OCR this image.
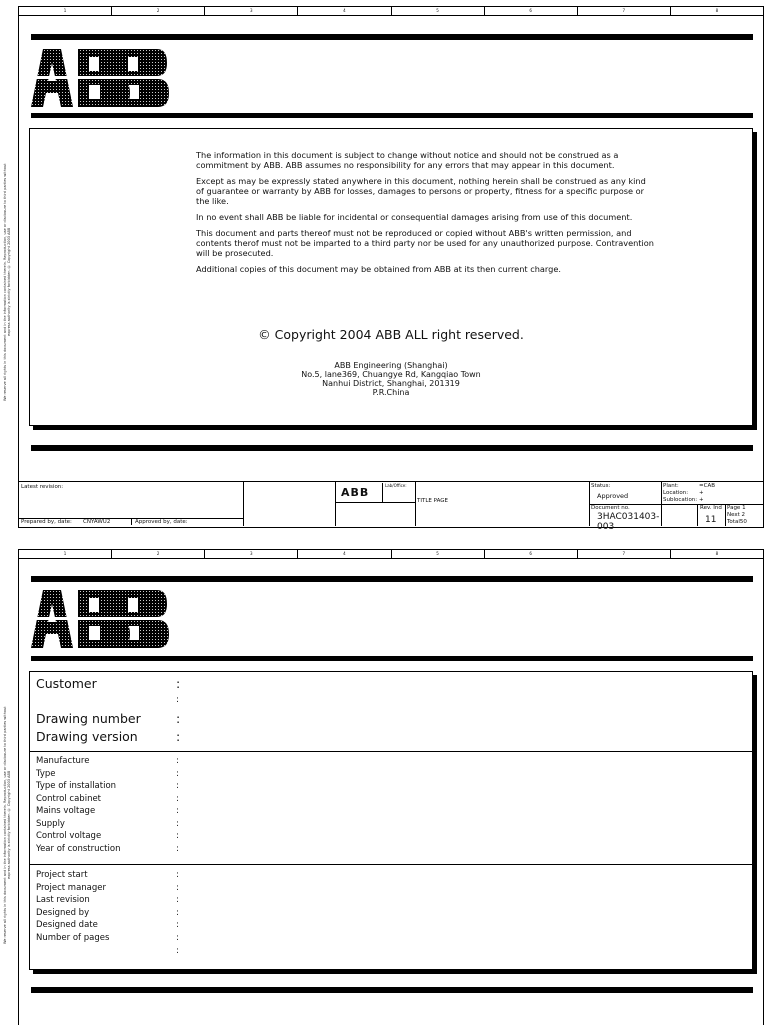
1	2	3	4	5	6	7	8
We reserve all rights in this document and in the information contained therein. Reproduction, use or disclosure to third parties without express authority is strictly forbidden. © Copyright 2003 ABB

The information in this document is subject to change without notice and should not be construed as a commitment by ABB. ABB assumes no responsibility for any errors that may appear in this document.

Except as may be expressly stated anywhere in this document, nothing herein shall be construed as any kind of guarantee or warranty by ABB for losses, damages to persons or property, fitness for a specific purpose or the like.

In no event shall ABB be liable for incidental or consequential damages arising from use of this document.

This document and parts thereof must not be reproduced or copied without ABB's written permission, and contents therof must not be imparted to a third party nor be used for any unauthorized purpose. Contravention will be prosecuted.

Additional copies of this document may be obtained from ABB at its then current charge.

© Copyright 2004 ABB ALL right reserved.
ABB Engineering (Shanghai)
No.5, lane369, Chuangye Rd, Kangqiao Town
Nanhui District, Shanghai, 201319
P.R.China
Latest revision:
Prepared by, date: CNYAWU2	Approved by, date:
ABB
Lab/Office:
TITLE PAGE
Status:
Approved
Document no.
3HAC031403-003
Plant:	=CAB
Location: +
Sublocation: +
Rev. Ind
11
Page 1
Next 2
Total50
1	2	3	4	5	6	7	8
We reserve all rights in this document and in the information contained therein. Reproduction, use or disclosure to third parties without express authority is strictly forbidden. © Copyright 2003 ABB
Customer	:
:
Drawing number	:
Drawing version	:
Manufacture	:
Type	:
Type of installation	:
Control cabinet	:
Mains voltage	:
Supply	:
Control voltage	:
Year of construction	:
Project start	:
Project manager	:
Last revision	:
Designed by	:
Designed date	:
Number of pages	:
:
